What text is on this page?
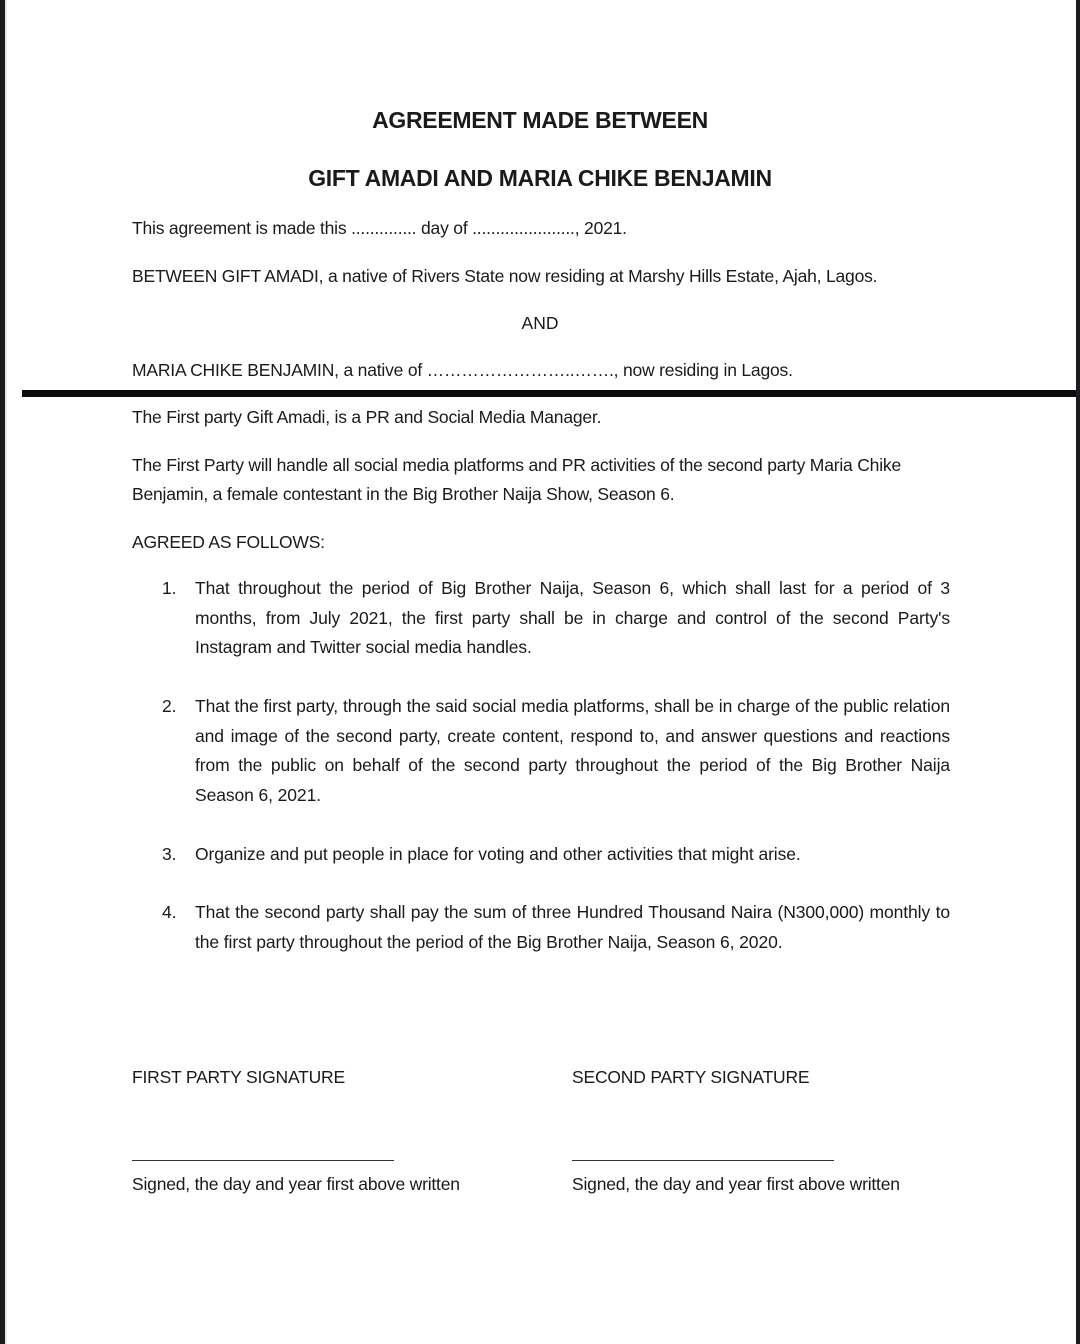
AGREEMENT MADE BETWEEN
GIFT AMADI AND MARIA CHIKE BENJAMIN
This agreement is made this .............. day of ......................, 2021.
BETWEEN GIFT AMADI, a native of Rivers State now residing at Marshy Hills Estate, Ajah, Lagos.
AND
MARIA CHIKE BENJAMIN, a native of ……………………..……., now residing in Lagos.
The First party Gift Amadi, is a PR and Social Media Manager.
The First Party will handle all social media platforms and PR activities of the second party Maria Chike Benjamin, a female contestant in the Big Brother Naija Show, Season 6.
AGREED AS FOLLOWS:
1. That throughout the period of Big Brother Naija, Season 6, which shall last for a period of 3 months, from July 2021, the first party shall be in charge and control of the second Party's Instagram and Twitter social media handles.
2. That the first party, through the said social media platforms, shall be in charge of the public relation and image of the second party, create content, respond to, and answer questions and reactions from the public on behalf of the second party throughout the period of the Big Brother Naija Season 6, 2021.
3. Organize and put people in place for voting and other activities that might arise.
4. That the second party shall pay the sum of three Hundred Thousand Naira (N300,000) monthly to the first party throughout the period of the Big Brother Naija, Season 6, 2020.
FIRST PARTY SIGNATURE
Signed, the day and year first above written
SECOND PARTY SIGNATURE
Signed, the day and year first above written
